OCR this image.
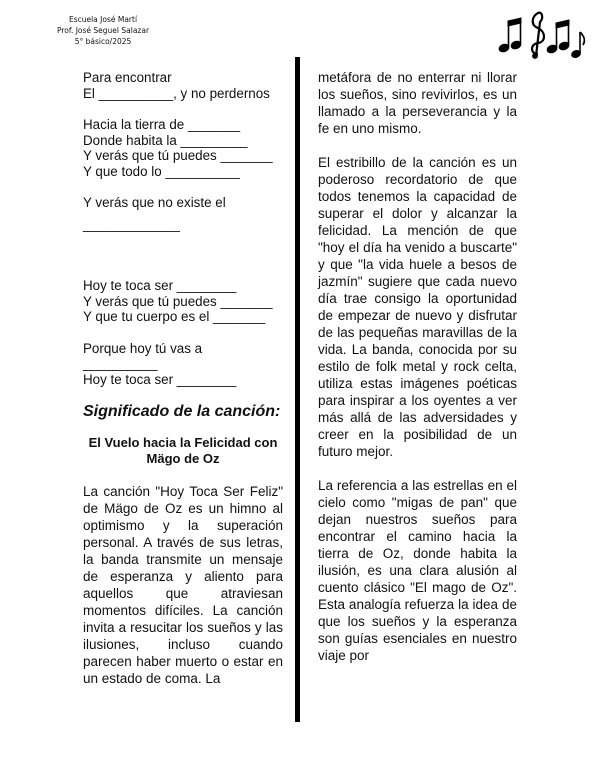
Escuela José Martí
Prof. José Seguel Salazar
5° básico/2025
Para encontrar
El __________, y no perdernos
Hacia la tierra de _______
Donde habita la _________
Y verás que tú puedes _______
Y que todo lo __________
Y verás que no existe el
_____________
Hoy te toca ser ________
Y verás que tú puedes _______
Y que tu cuerpo es el _______
Porque hoy tú vas a
__________
Hoy te toca ser ________
Significado de la canción:
El Vuelo hacia la Felicidad con Mägo de Oz

La canción "Hoy Toca Ser Feliz" de Mägo de Oz es un himno al optimismo y la superación personal. A través de sus letras, la banda transmite un mensaje de esperanza y aliento para aquellos que atraviesan momentos difíciles. La canción invita a resucitar los sueños y las ilusiones, incluso cuando parecen haber muerto o estar en un estado de coma. La

metáfora de no enterrar ni llorar los sueños, sino revivirlos, es un llamado a la perseverancia y la fe en uno mismo.

El estribillo de la canción es un poderoso recordatorio de que todos tenemos la capacidad de superar el dolor y alcanzar la felicidad. La mención de que "hoy el día ha venido a buscarte" y que "la vida huele a besos de jazmín" sugiere que cada nuevo día trae consigo la oportunidad de empezar de nuevo y disfrutar de las pequeñas maravillas de la vida. La banda, conocida por su estilo de folk metal y rock celta, utiliza estas imágenes poéticas para inspirar a los oyentes a ver más allá de las adversidades y creer en la posibilidad de un futuro mejor.

La referencia a las estrellas en el cielo como "migas de pan" que dejan nuestros sueños para encontrar el camino hacia la tierra de Oz, donde habita la ilusión, es una clara alusión al cuento clásico "El mago de Oz". Esta analogía refuerza la idea de que los sueños y la esperanza son guías esenciales en nuestro viaje por
